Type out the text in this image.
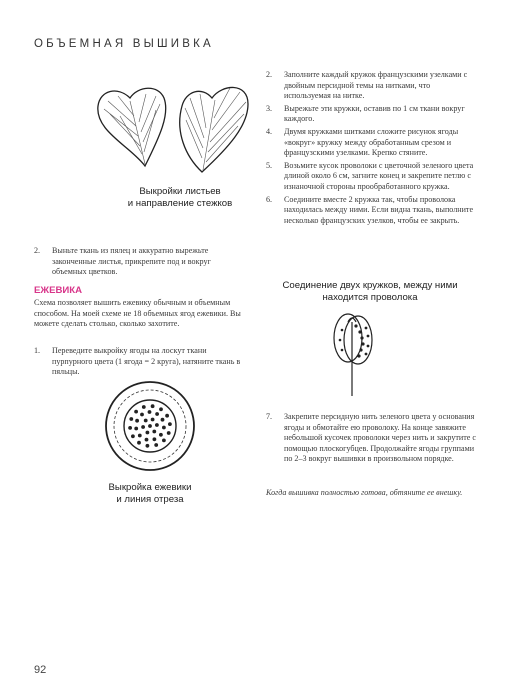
ОБЪЕМНАЯ ВЫШИВКА
Выкройки листьев
и направление стежков
2. Выньте ткань из пялец и аккуратно вырежьте законченные листья, прикрепите под и вокруг объемных цветков.
ЕЖЕВИКА
Схема позволяет вышить ежевику обычным и объемным способом. На моей схеме не 18 объемных ягод ежевики. Вы можете сделать столько, сколько захотите.
1. Переведите выкройку ягоды на лоскут ткани пурпурного цвета (1 ягода = 2 круга), натяните ткань в пяльцы.
Выкройка ежевики
и линия отреза
2. Заполните каждый кружок французскими узелками с двойным персидной темы на нитками, что используемая на нитке.
3. Вырежьте эти кружки, оставив по 1 см ткани вокруг каждого.
4. Двумя кружками шитками сложите рисунок ягоды «вокруг» кружку между обработанным срезом и французскими узелками. Крепко стяните.
5. Возьмите кусок проволоки с цветочной зеленого цвета длиной около 6 см, загните конец и закрепите петлю с изнаночной стороны прообработанного кружка.
6. Соедините вместе 2 кружка так, чтобы проволока находилась между ними. Если видна ткань, выполните несколько французских узелков, чтобы ее закрыть.
Соединение двух кружков, между ними
находится проволока
7. Закрепите персидную нить зеленого цвета у основания ягоды и обмотайте ею проволоку. На конце завяжите небольшой кусочек проволоки через нить и закрутите с помощью плоскогубцев. Продолжайте ягоды группами по 2–3 вокруг вышивки в произвольном порядке.
Когда вышивка полностью готова, обтяните ее внешку.
92
